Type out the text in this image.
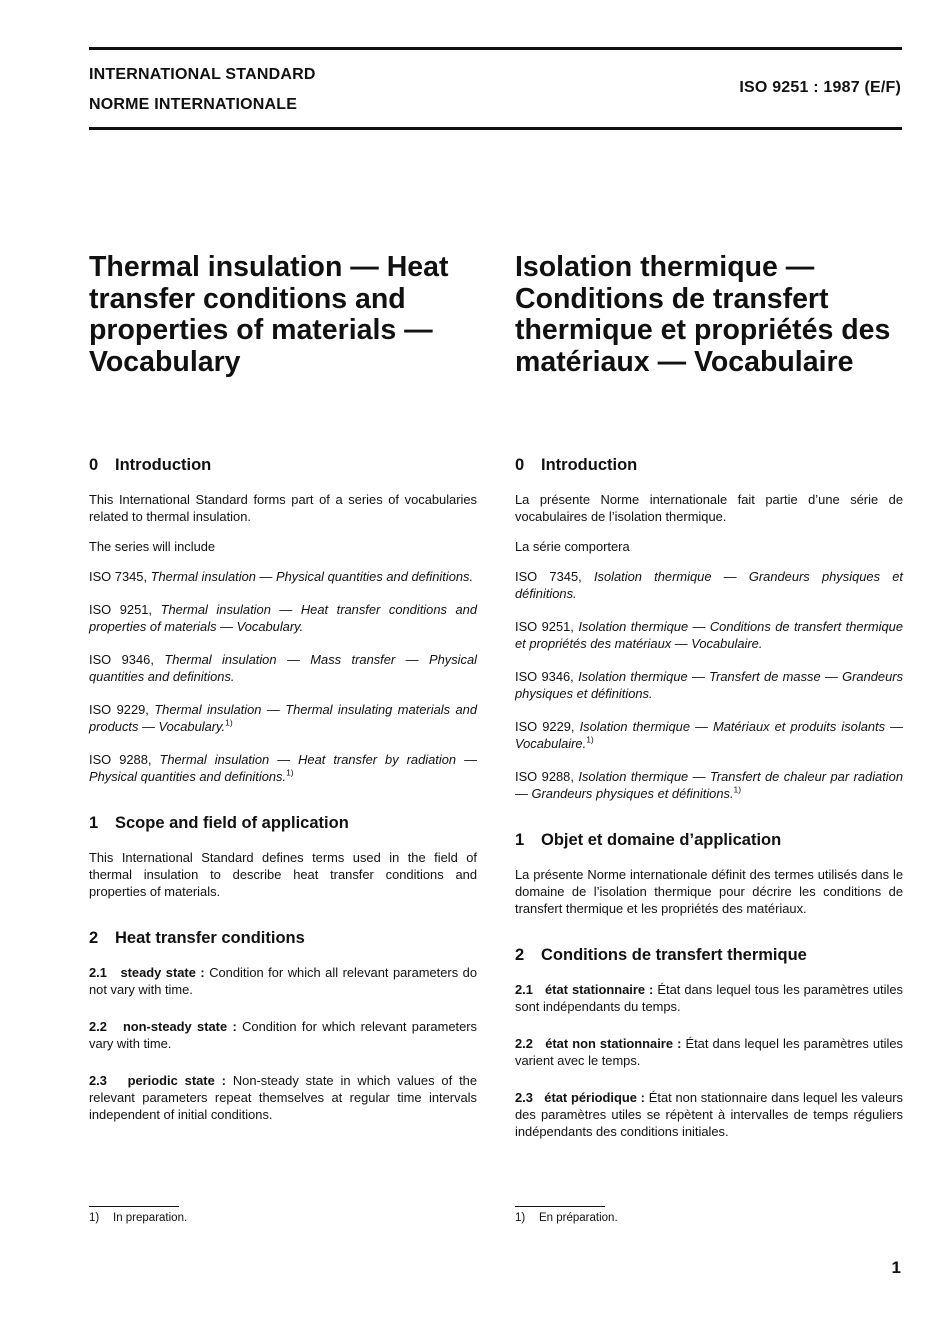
INTERNATIONAL STANDARD
NORME INTERNATIONALE
ISO 9251 : 1987 (E/F)
Thermal insulation — Heat
transfer conditions and
properties of materials —
Vocabulary
Isolation thermique —
Conditions de transfert
thermique et propriétés des
matériaux — Vocabulaire
0 Introduction

This International Standard forms part of a series of vocabularies related to thermal insulation.

The series will include

ISO 7345, Thermal insulation — Physical quantities and definitions.

ISO 9251, Thermal insulation — Heat transfer conditions and properties of materials — Vocabulary.

ISO 9346, Thermal insulation — Mass transfer — Physical quantities and definitions.

ISO 9229, Thermal insulation — Thermal insulating materials and products — Vocabulary.$^{1)}$

ISO 9288, Thermal insulation — Heat transfer by radiation — Physical quantities and definitions.$^{1)}$

1 Scope and field of application

This International Standard defines terms used in the field of thermal insulation to describe heat transfer conditions and properties of materials.

2 Heat transfer conditions

2.1 steady state : Condition for which all relevant parameters do not vary with time.

2.2 non-steady state : Condition for which relevant parameters vary with time.

2.3 periodic state : Non-steady state in which values of the relevant parameters repeat themselves at regular time intervals independent of initial conditions.

0 Introduction

La présente Norme internationale fait partie d’une série de vocabulaires de l’isolation thermique.

La série comportera

ISO 7345, Isolation thermique — Grandeurs physiques et définitions.

ISO 9251, Isolation thermique — Conditions de transfert thermique et propriétés des matériaux — Vocabulaire.

ISO 9346, Isolation thermique — Transfert de masse — Grandeurs physiques et définitions.

ISO 9229, Isolation thermique — Matériaux et produits isolants — Vocabulaire.$^{1)}$

ISO 9288, Isolation thermique — Transfert de chaleur par radiation — Grandeurs physiques et définitions.$^{1)}$

1 Objet et domaine d’application

La présente Norme internationale définit des termes utilisés dans le domaine de l’isolation thermique pour décrire les conditions de transfert thermique et les propriétés des matériaux.

2 Conditions de transfert thermique

2.1 état stationnaire : État dans lequel tous les paramètres utiles sont indépendants du temps.

2.2 état non stationnaire : État dans lequel les paramètres utiles varient avec le temps.

2.3 état périodique : État non stationnaire dans lequel les valeurs des paramètres utiles se répètent à intervalles de temps réguliers indépendants des conditions initiales.

1) In preparation.	1) En préparation.
1
